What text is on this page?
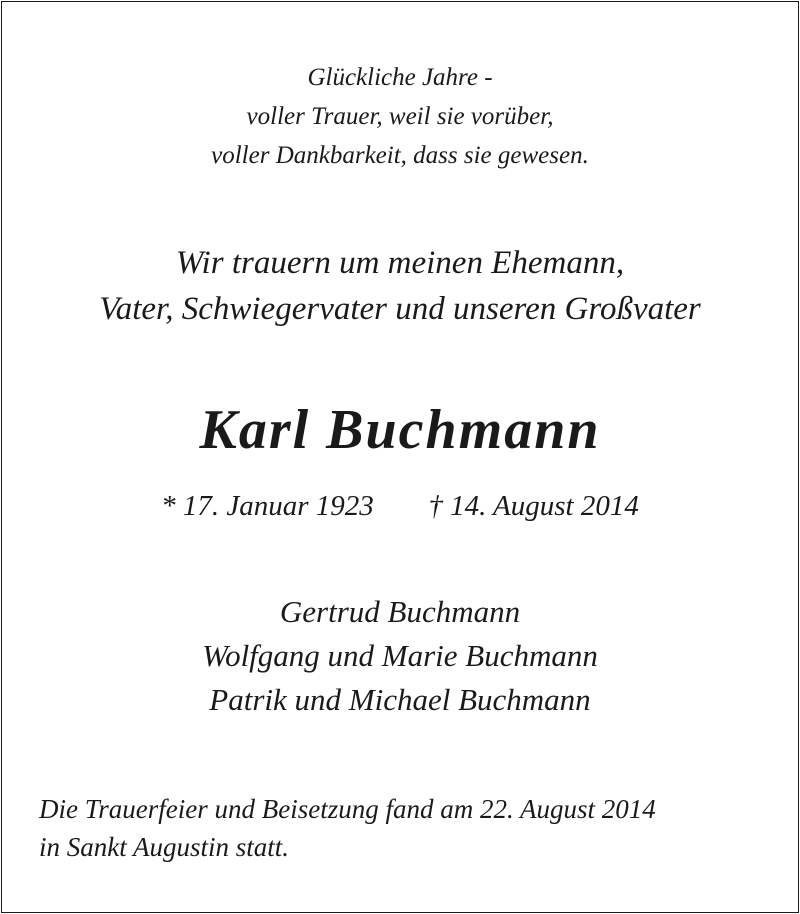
Glückliche Jahre -
voller Trauer, weil sie vorüber,
voller Dankbarkeit, dass sie gewesen.
Wir trauern um meinen Ehemann,
Vater, Schwiegervater und unseren Großvater
Karl Buchmann
* 17. Januar 1923 † 14. August 2014
Gertrud Buchmann
Wolfgang und Marie Buchmann
Patrik und Michael Buchmann
Die Trauerfeier und Beisetzung fand am 22. August 2014
in Sankt Augustin statt.
